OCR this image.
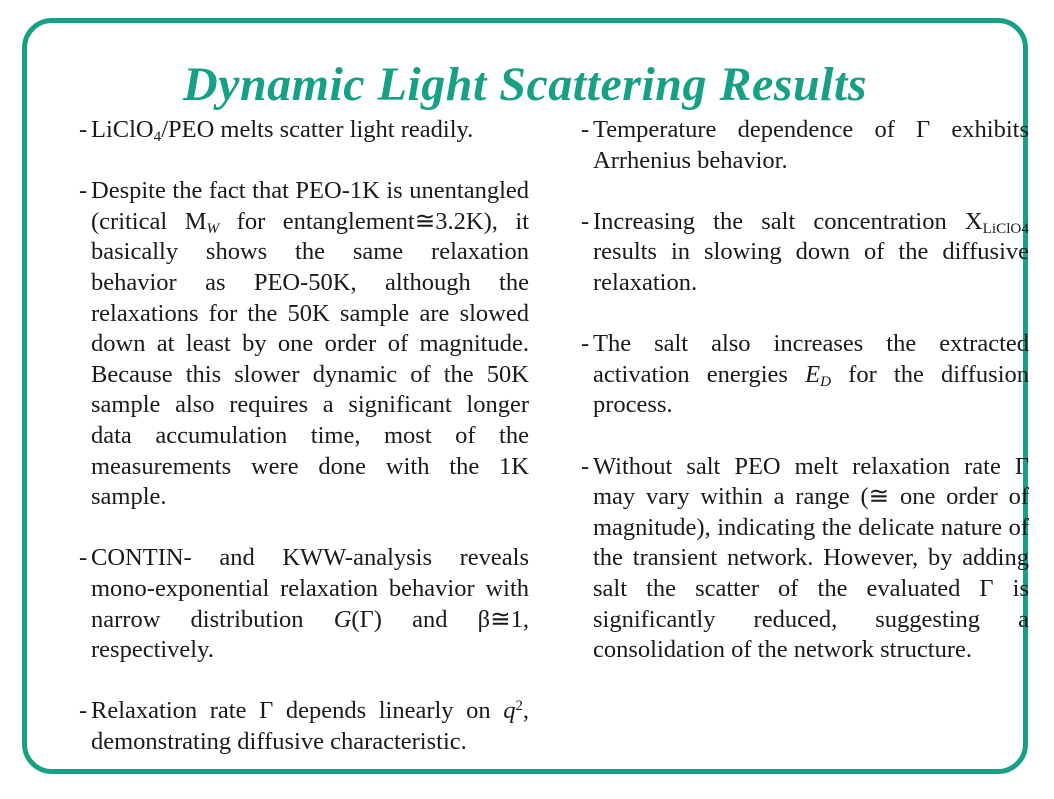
Dynamic Light Scattering Results

- LiClO$_4$/PEO melts scatter light readily.

- Despite the fact that PEO-1K is unentangled (critical $M_W$ for entanglement≅3.2K), it basically shows the same relaxation behavior as PEO-50K, although the relaxations for the 50K sample are slowed down at least by one order of magnitude. Because this slower dynamic of the 50K sample also requires a significant longer data accumulation time, most of the measurements were done with the 1K sample.

- CONTIN- and KWW-analysis reveals mono-exponential relaxation behavior with narrow distribution G(Γ) and β≅1, respectively.

- Relaxation rate Γ depends linearly on $q^2$, demonstrating diffusive characteristic.

- Temperature dependence of Γ exhibits Arrhenius behavior.

- Increasing the salt concentration $X_{LiClO4}$ results in slowing down of the diffusive relaxation.

- The salt also increases the extracted activation energies $E_D$ for the diffusion process.

- Without salt PEO melt relaxation rate Γ may vary within a range (≅ one order of magnitude), indicating the delicate nature of the transient network. However, by adding salt the scatter of the evaluated Γ is significantly reduced, suggesting a consolidation of the network structure.
